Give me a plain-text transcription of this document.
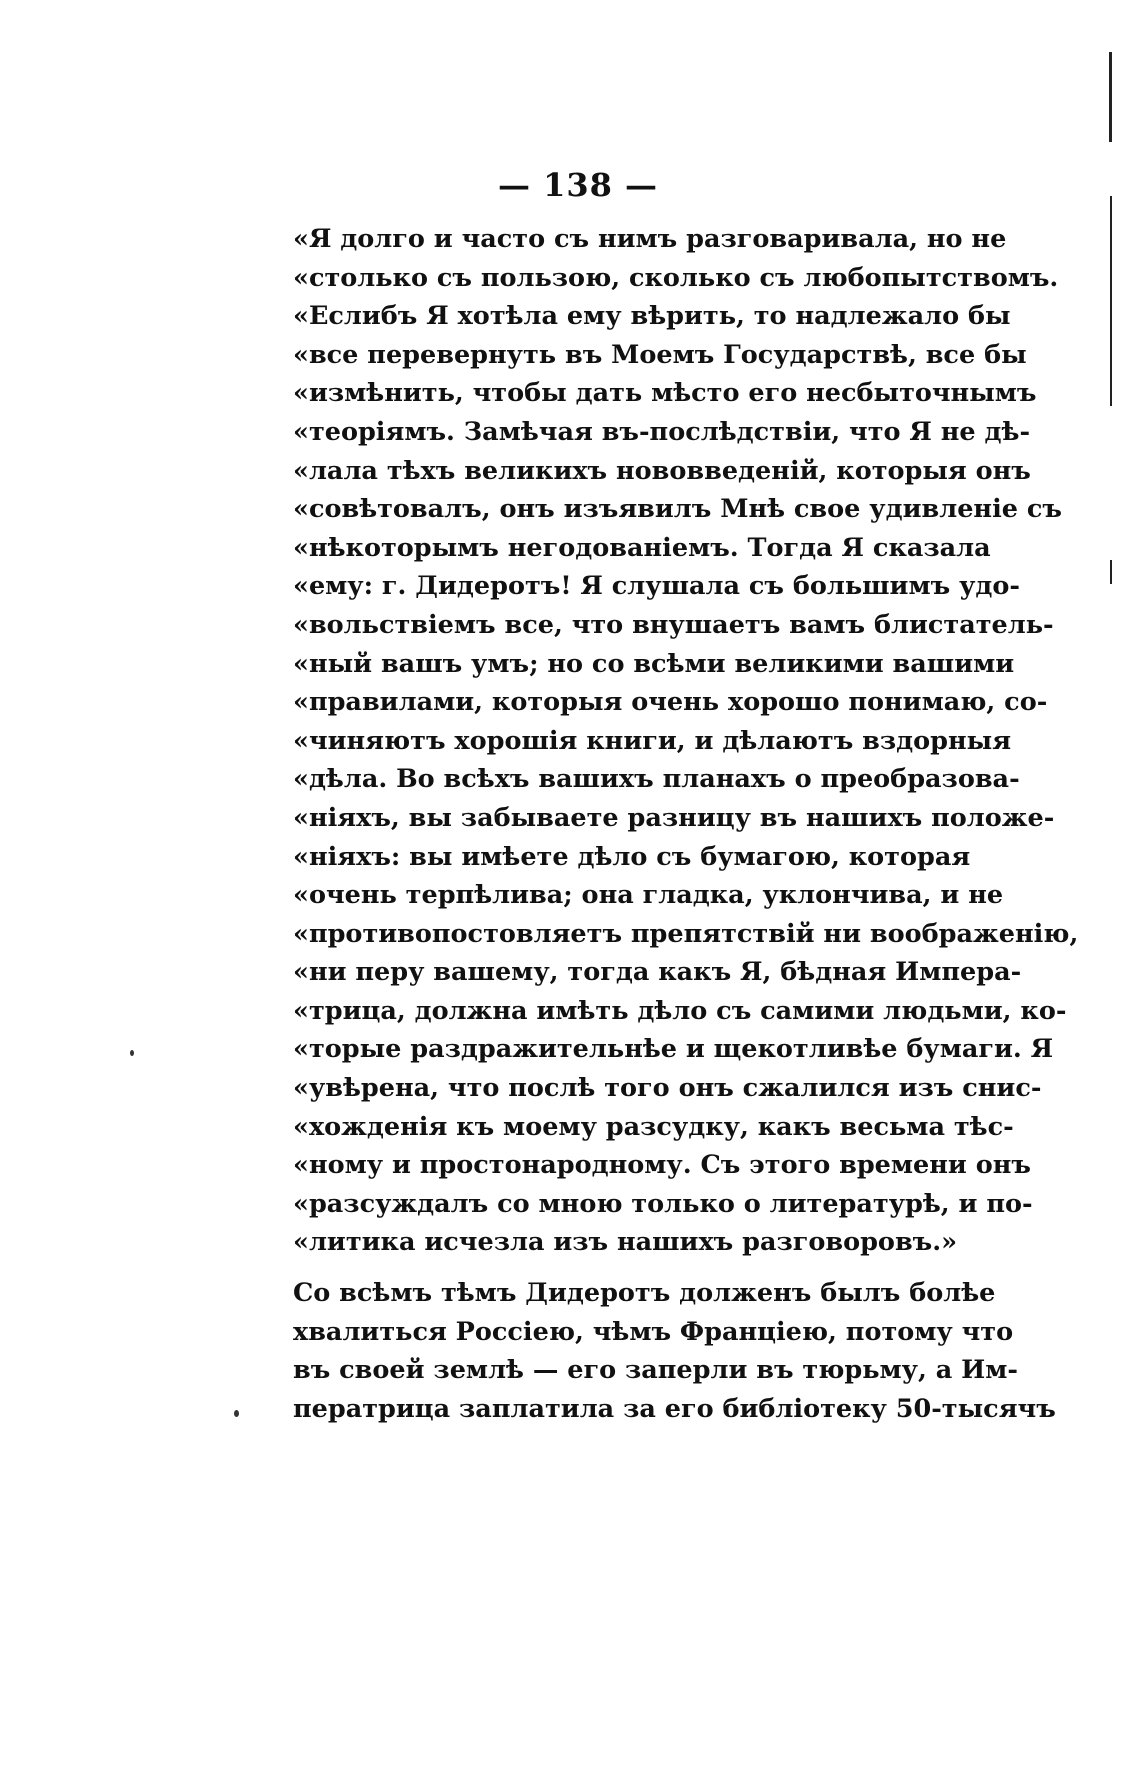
— 138 —
«Я долго и часто съ нимъ разговаривала, но не
«столько съ пользою, сколько съ любопытствомъ.
«Еслибъ Я хотѣла ему вѣрить, то надлежало бы
«все перевернуть въ Моемъ Государствѣ, все бы
«измѣнить, чтобы дать мѣсто его несбыточнымъ
«теоріямъ. Замѣчая въ-послѣдствіи, что Я не дѣ-
«лала тѣхъ великихъ нововведеній, которыя онъ
«совѣтовалъ, онъ изъявилъ Мнѣ свое удивленіе съ
«нѣкоторымъ негодованіемъ. Тогда Я сказала
«ему: г. Дидеротъ! Я слушала съ большимъ удо-
«вольствіемъ все, что внушаетъ вамъ блистатель-
«ный вашъ умъ; но со всѣми великими вашими
«правилами, которыя очень хорошо понимаю, со-
«чиняютъ хорошія книги, и дѣлаютъ вздорныя
«дѣла. Во всѣхъ вашихъ планахъ о преобразова-
«ніяхъ, вы забываете разницу въ нашихъ положе-
«ніяхъ: вы имѣете дѣло съ бумагою, которая
«очень терпѣлива; она гладка, уклончива, и не
«противопостовляетъ препятствій ни воображенію,
«ни перу вашему, тогда какъ Я, бѣдная Импера-
«трица, должна имѣть дѣло съ самими людьми, ко-
«торые раздражительнѣе и щекотливѣе бумаги. Я
«увѣрена, что послѣ того онъ сжалился изъ снис-
«хожденія къ моему разсудку, какъ весьма тѣс-
«ному и простонародному. Съ этого времени онъ
«разсуждалъ со мною только о литературѣ, и по-
«литика исчезла изъ нашихъ разговоровъ.»
Со всѣмъ тѣмъ Дидеротъ долженъ былъ болѣе
хвалиться Россіею, чѣмъ Франціею, потому что
въ своей землѣ — его заперли въ тюрьму, а Им-
ператрица заплатила за его библіотеку 50-тысячъ
